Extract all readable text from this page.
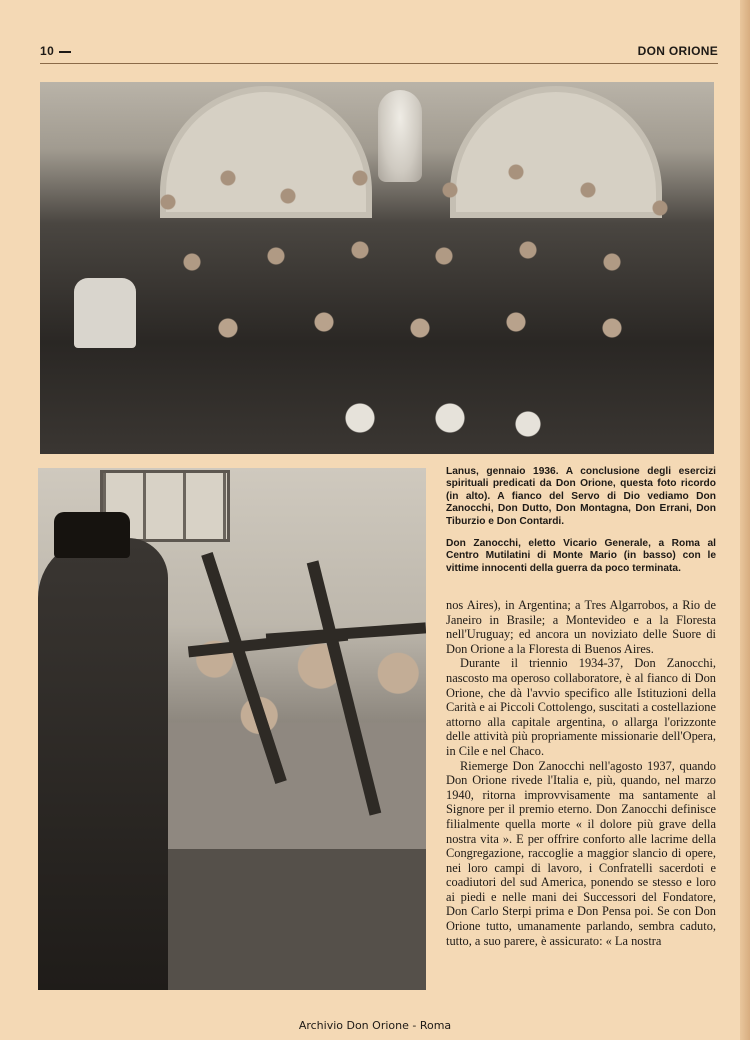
10	DON ORIONE

Lanus, gennaio 1936. A conclusione degli esercizi spirituali predicati da Don Orione, questa foto ricordo (in alto). A fianco del Servo di Dio vediamo Don Zanocchi, Don Dutto, Don Montagna, Don Errani, Don Tiburzio e Don Contardi.

Don Zanocchi, eletto Vicario Generale, a Roma al Centro Mutilatini di Monte Mario (in basso) con le vittime innocenti della guerra da poco terminata.

nos Aires), in Argentina; a Tres Algarrobos, a Rio de Janeiro in Brasile; a Montevideo e a la Floresta nell'Uruguay; ed ancora un noviziato delle Suore di Don Orione a la Floresta di Buenos Aires.

Durante il triennio 1934-37, Don Zanocchi, nascosto ma operoso collaboratore, è al fianco di Don Orione, che dà l'avvio specifico alle Istituzioni della Carità e ai Piccoli Cottolengo, suscitati a costellazione attorno alla capitale argentina, o allarga l'orizzonte delle attività più propriamente missionarie dell'Opera, in Cile e nel Chaco.

Riemerge Don Zanocchi nell'agosto 1937, quando Don Orione rivede l'Italia e, più, quando, nel marzo 1940, ritorna improvvisamente ma santamente al Signore per il premio eterno. Don Zanocchi definisce filialmente quella morte « il dolore più grave della nostra vita ». E per offrire conforto alle lacrime della Congregazione, raccoglie a maggior slancio di opere, nei loro campi di lavoro, i Confratelli sacerdoti e coadiutori del sud America, ponendo se stesso e loro ai piedi e nelle mani dei Successori del Fondatore, Don Carlo Sterpi prima e Don Pensa poi. Se con Don Orione tutto, umanamente parlando, sembra caduto, tutto, a suo parere, è assicurato: « La nostra

Archivio Don Orione - Roma
